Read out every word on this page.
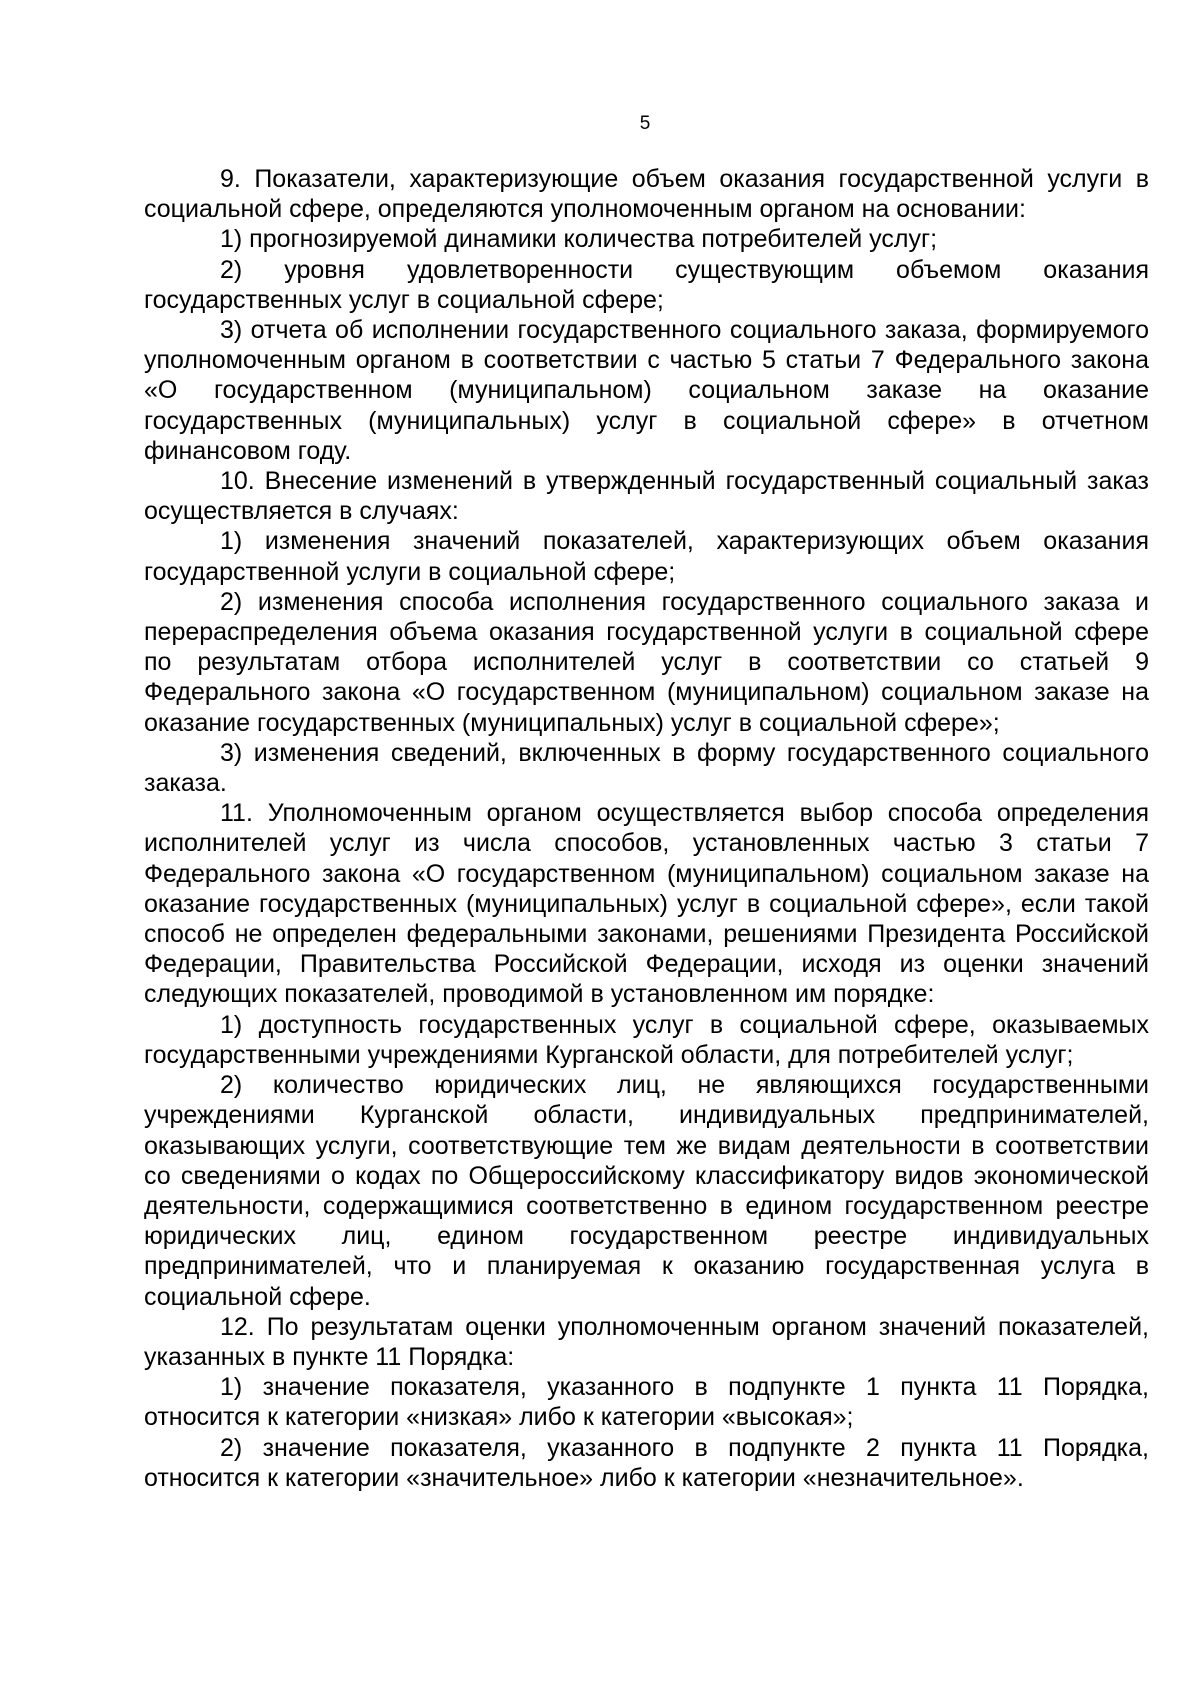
5

9. Показатели, характеризующие объем оказания государственной услуги в социальной сфере, определяются уполномоченным органом на основании:

1) прогнозируемой динамики количества потребителей услуг;

2) уровня удовлетворенности существующим объемом оказания государственных услуг в социальной сфере;

3) отчета об исполнении государственного социального заказа, формируемого уполномоченным органом в соответствии с частью 5 статьи 7 Федерального закона «О государственном (муниципальном) социальном заказе на оказание государственных (муниципальных) услуг в социальной сфере» в отчетном финансовом году.

10. Внесение изменений в утвержденный государственный социальный заказ осуществляется в случаях:

1) изменения значений показателей, характеризующих объем оказания государственной услуги в социальной сфере;

2) изменения способа исполнения государственного социального заказа и перераспределения объема оказания государственной услуги в социальной сфере по результатам отбора исполнителей услуг в соответствии со статьей 9 Федерального закона «О государственном (муниципальном) социальном заказе на оказание государственных (муниципальных) услуг в социальной сфере»;

3) изменения сведений, включенных в форму государственного социального заказа.

11. Уполномоченным органом осуществляется выбор способа определения исполнителей услуг из числа способов, установленных частью 3 статьи 7 Федерального закона «О государственном (муниципальном) социальном заказе на оказание государственных (муниципальных) услуг в социальной сфере», если такой способ не определен федеральными законами, решениями Президента Российской Федерации, Правительства Российской Федерации, исходя из оценки значений следующих показателей, проводимой в установленном им порядке:

1) доступность государственных услуг в социальной сфере, оказываемых государственными учреждениями Курганской области, для потребителей услуг;

2) количество юридических лиц, не являющихся государственными учреждениями Курганской области, индивидуальных предпринимателей, оказывающих услуги, соответствующие тем же видам деятельности в соответствии со сведениями о кодах по Общероссийскому классификатору видов экономической деятельности, содержащимися соответственно в едином государственном реестре юридических лиц, едином государственном реестре индивидуальных предпринимателей, что и планируемая к оказанию государственная услуга в социальной сфере.

12. По результатам оценки уполномоченным органом значений показателей, указанных в пункте 11 Порядка:

1) значение показателя, указанного в подпункте 1 пункта 11 Порядка, относится к категории «низкая» либо к категории «высокая»;

2) значение показателя, указанного в подпункте 2 пункта 11 Порядка, относится к категории «значительное» либо к категории «незначительное».
